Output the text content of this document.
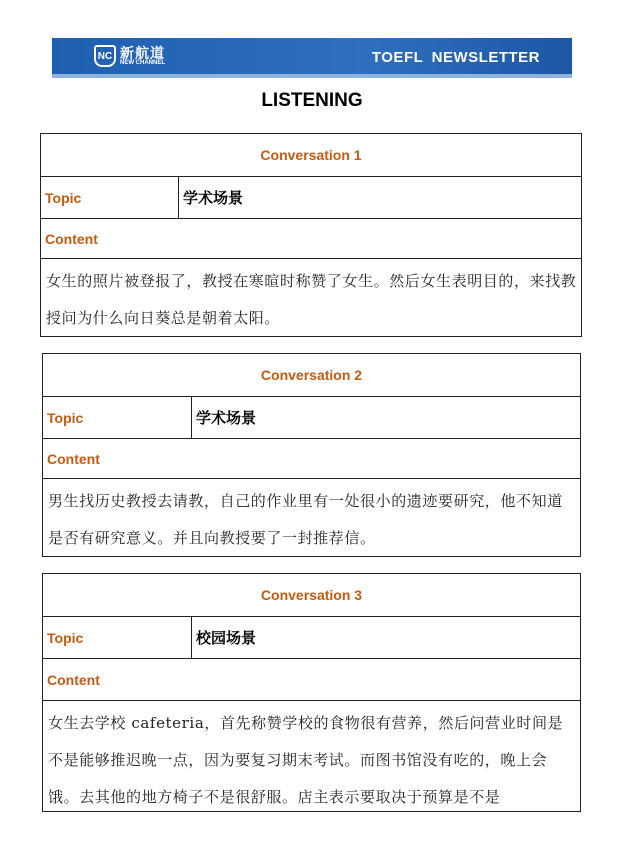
NC 新航道
NEW CHANNEL	TOEFL NEWSLETTER
LISTENING
Conversation 1
Topic	学术场景
Content
女生的照片被登报了，教授在寒暄时称赞了女生。然后女生表明目的，来找教授问为什么向日葵总是朝着太阳。
Conversation 2
Topic	学术场景
Content
男生找历史教授去请教，自己的作业里有一处很小的遗迹要研究，他不知道是否有研究意义。并且向教授要了一封推荐信。
Conversation 3
Topic	校园场景
Content
女生去学校 cafeteria，首先称赞学校的食物很有营养，然后问营业时间是不是能够推迟晚一点，因为要复习期末考试。而图书馆没有吃的，晚上会饿。去其他的地方椅子不是很舒服。店主表示要取决于预算是不是
